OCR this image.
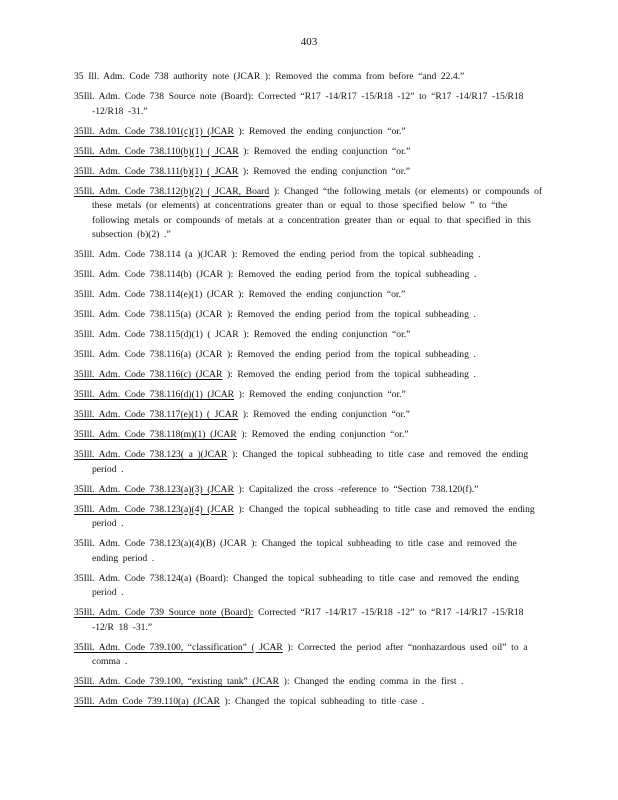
403

35 Ill. Adm. Code 738 authority note (JCAR ): Removed the comma from before “and 22.4.”

35Ill. Adm. Code 738 Source note (Board): Corrected “R17 -14/R17 -15/R18 -12” to “R17 -14/R17 -15/R18 -12/R18 -31.”

35Ill. Adm. Code 738.101(c)(1) (JCAR ): Removed the ending conjunction “or.”

35Ill. Adm. Code 738.110(b)(1) ( JCAR ): Removed the ending conjunction “or.”

35Ill. Adm. Code 738.111(b)(1) ( JCAR ): Removed the ending conjunction “or.”

35Ill. Adm. Code 738.112(b)(2) ( JCAR, Board ): Changed “the following metals (or elements) or compounds of these metals (or elements) at concentrations greater than or equal to those specified below ” to “the following metals or compounds of metals at a concentration greater than or equal to that specified in this subsection (b)(2) .”

35Ill. Adm. Code 738.114 (a )(JCAR ): Removed the ending period from the topical subheading .

35Ill. Adm. Code 738.114(b) (JCAR ): Removed the ending period from the topical subheading .

35Ill. Adm. Code 738.114(e)(1) (JCAR ): Removed the ending conjunction “or.”

35Ill. Adm. Code 738.115(a) (JCAR ): Removed the ending period from the topical subheading .

35Ill. Adm. Code 738.115(d)(1) ( JCAR ): Removed the ending conjunction “or.”

35Ill. Adm. Code 738.116(a) (JCAR ): Removed the ending period from the topical subheading .

35Ill. Adm. Code 738.116(c) (JCAR ): Removed the ending period from the topical subheading .

35Ill. Adm. Code 738.116(d)(1) (JCAR ): Removed the ending conjunction “or.”

35Ill. Adm. Code 738.117(e)(1) ( JCAR ): Removed the ending conjunction “or.”

35Ill. Adm. Code 738.118(m)(1) (JCAR ): Removed the ending conjunction “or.”

35Ill. Adm. Code 738.123( a )(JCAR ): Changed the topical subheading to title case and removed the ending period .

35Ill. Adm. Code 738.123(a)(3) (JCAR ): Capitalized the cross -reference to “Section 738.120(f).”

35Ill. Adm. Code 738.123(a)(4) (JCAR ): Changed the topical subheading to title case and removed the ending period .

35Ill. Adm. Code 738.123(a)(4)(B) (JCAR ): Changed the topical subheading to title case and removed the ending period .

35Ill. Adm. Code 738.124(a) (Board): Changed the topical subheading to title case and removed the ending period .

35Ill. Adm. Code 739 Source note (Board): Corrected “R17 -14/R17 -15/R18 -12” to “R17 -14/R17 -15/R18 -12/R 18 -31.”

35Ill. Adm. Code 739.100, “classification” ( JCAR ): Corrected the period after “nonhazardous used oil” to a comma .

35Ill. Adm. Code 739.100, “existing tank” (JCAR ): Changed the ending comma in the first .

35Ill. Adm Code 739.110(a) (JCAR ): Changed the topical subheading to title case .
